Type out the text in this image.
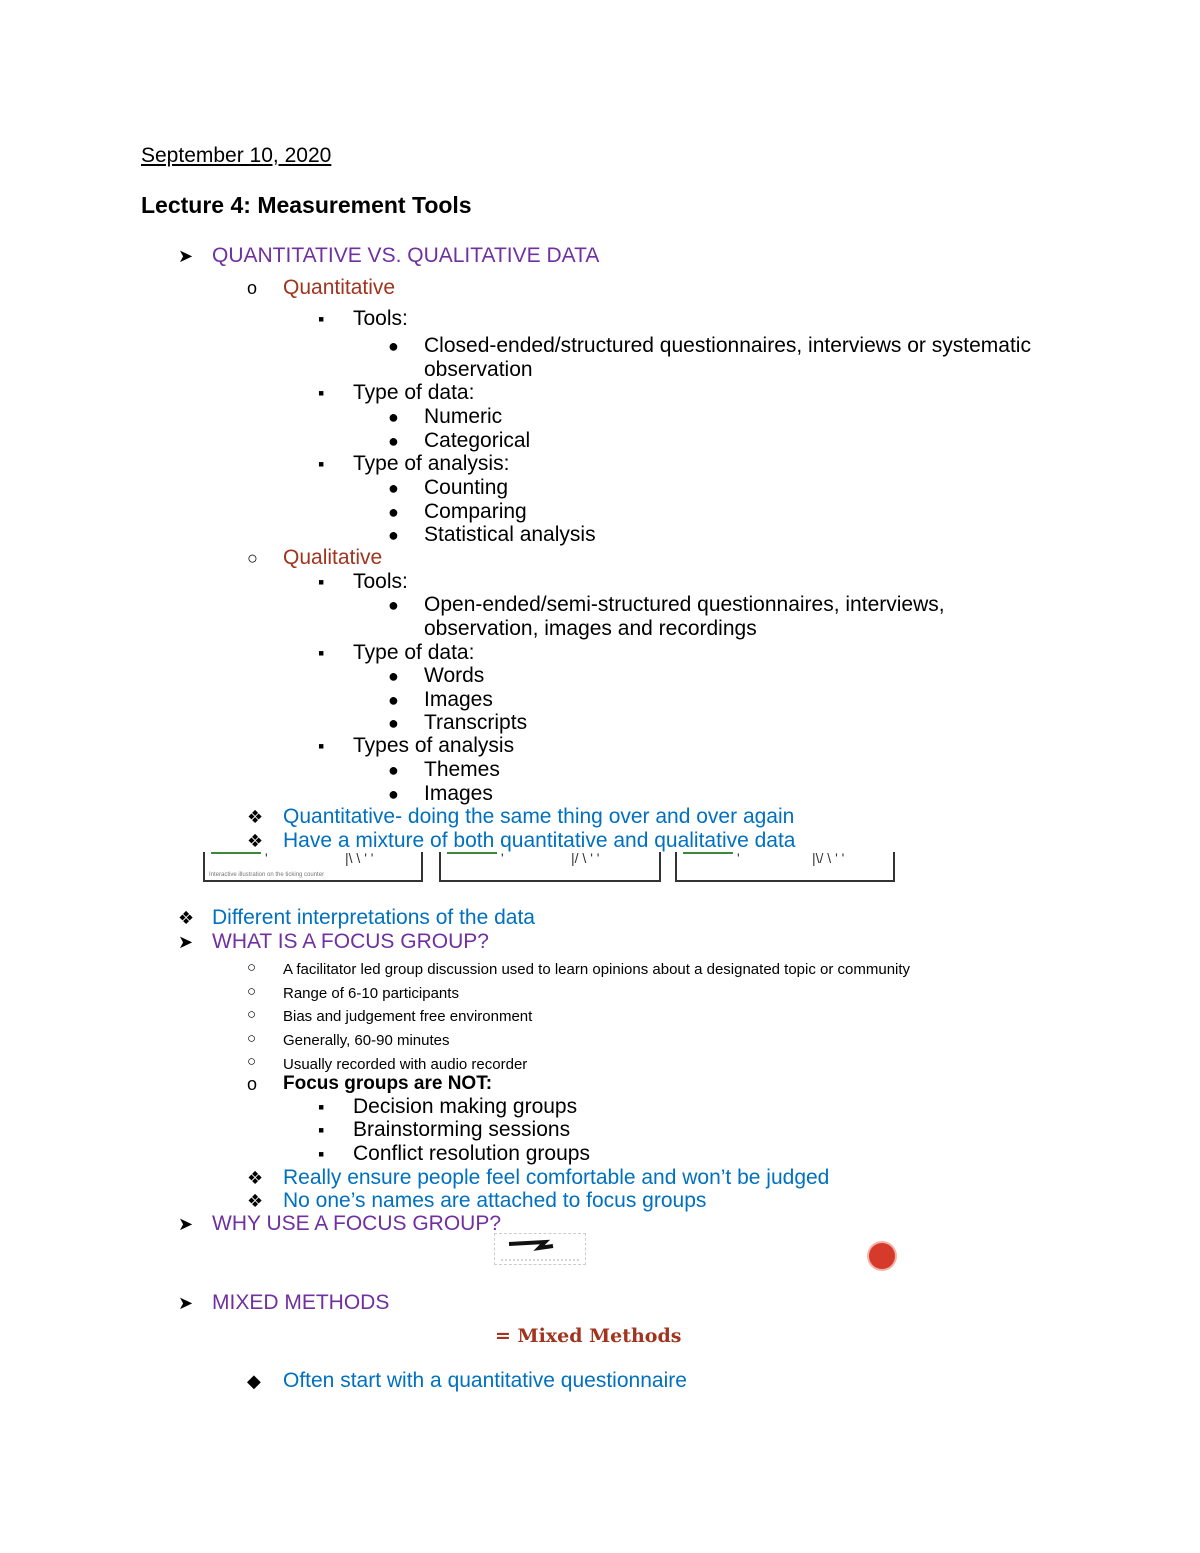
September 10, 2020
Lecture 4: Measurement Tools
➤ QUANTITATIVE VS. QUALITATIVE DATA
o Quantitative
▪ Tools:
● Closed-ended/structured questionnaires, interviews or systematic
observation
▪ Type of data:
● Numeric
● Categorical
▪ Type of analysis:
● Counting
● Comparing
● Statistical analysis
○ Qualitative
▪ Tools:
● Open-ended/semi-structured questionnaires, interviews,
observation, images and recordings
▪ Type of data:
● Words
● Images
● Transcripts
▪ Types of analysis
● Themes
● Images
❖ Quantitative- doing the same thing over and over again
❖ Have a mixture of both quantitative and qualitative data
'	|\ \ ' '
Interactive illustration on the ticking counter
'	|/ \ ' '	'	|\/ \ ' '
❖ Different interpretations of the data
➤ WHAT IS A FOCUS GROUP?
○ A facilitator led group discussion used to learn opinions about a designated topic or community
○ Range of 6-10 participants
○ Bias and judgement free environment
○ Generally, 60-90 minutes
○ Usually recorded with audio recorder
o Focus groups are NOT:
▪ Decision making groups
▪ Brainstorming sessions
▪ Conflict resolution groups
❖ Really ensure people feel comfortable and won’t be judged
❖ No one’s names are attached to focus groups
➤ WHY USE A FOCUS GROUP?
➤ MIXED METHODS
= Mixed Methods
◆ Often start with a quantitative questionnaire
